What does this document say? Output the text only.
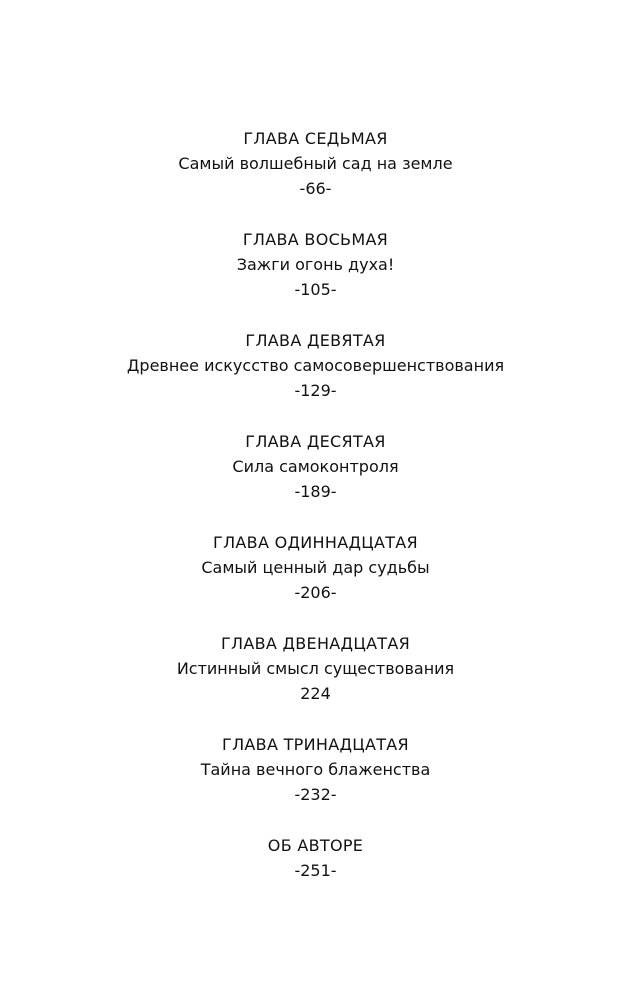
ГЛАВА СЕДЬМАЯ
Самый волшебный сад на земле
-66-
ГЛАВА ВОСЬМАЯ
Зажги огонь духа!
-105-
ГЛАВА ДЕВЯТАЯ
Древнее искусство самосовершенствования
-129-
ГЛАВА ДЕСЯТАЯ
Сила самоконтроля
-189-
ГЛАВА ОДИННАДЦАТАЯ
Самый ценный дар судьбы
-206-
ГЛАВА ДВЕНАДЦАТАЯ
Истинный смысл существования
224
ГЛАВА ТРИНАДЦАТАЯ
Тайна вечного блаженства
-232-
ОБ АВТОРЕ
-251-
